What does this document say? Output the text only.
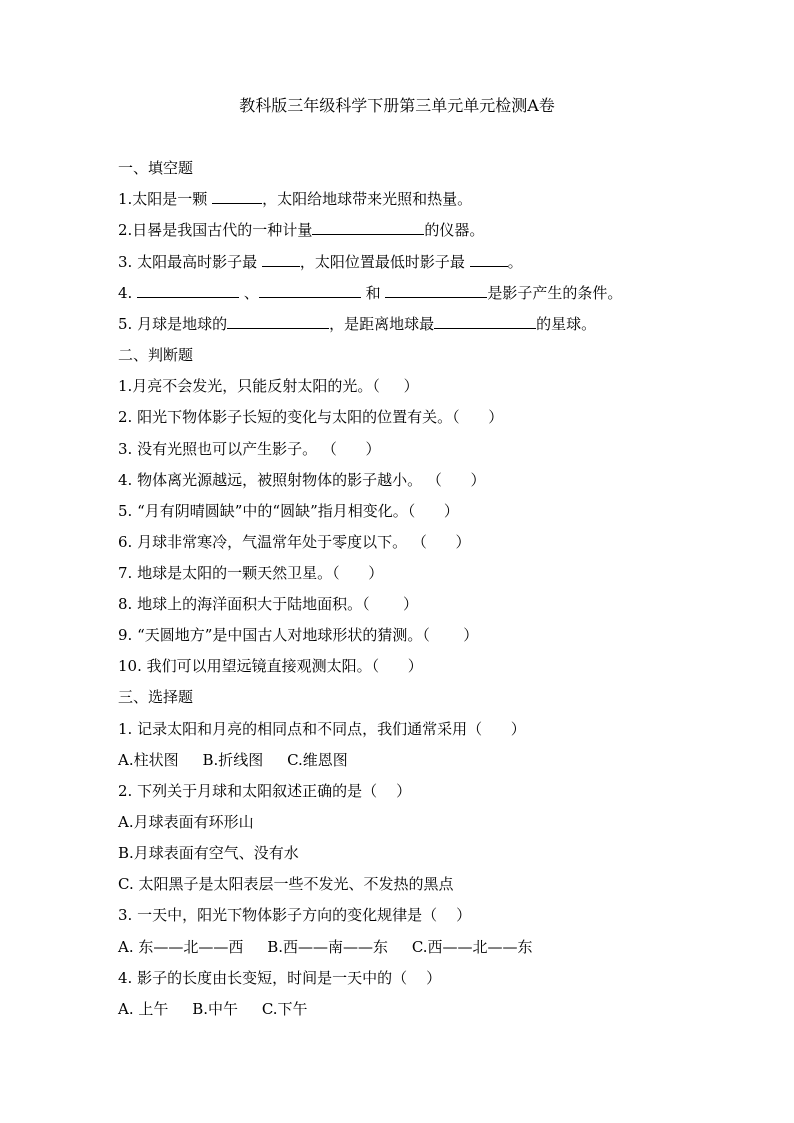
教科版三年级科学下册第三单元单元检测A卷
一、填空题
1.太阳是一颗	，太阳给地球带来光照和热量。
2.日晷是我国古代的一种计量	的仪器。
3. 太阳最高时影子最	，太阳位置最低时影子最	。
4.	、	和	是影子产生的条件。
5. 月球是地球的	，是距离地球最	的星球。
二、判断题
1.月亮不会发光，只能反射太阳的光。（     ）
2. 阳光下物体影子长短的变化与太阳的位置有关。（      ）
3. 没有光照也可以产生影子。 （      ）
4. 物体离光源越远，被照射物体的影子越小。 （      ）
5. “月有阴晴圆缺”中的“圆缺”指月相变化。（      ）
6. 月球非常寒冷，气温常年处于零度以下。 （      ）
7. 地球是太阳的一颗天然卫星。（      ）
8. 地球上的海洋面积大于陆地面积。（       ）
9. “天圆地方”是中国古人对地球形状的猜测。（       ）
10. 我们可以用望远镜直接观测太阳。（      ）
三、选择题
1. 记录太阳和月亮的相同点和不同点，我们通常采用（      ）
A.柱状图     B.折线图     C.维恩图
2. 下列关于月球和太阳叙述正确的是（    ）
A.月球表面有环形山
B.月球表面有空气、没有水
C. 太阳黑子是太阳表层一些不发光、不发热的黑点
3. 一天中，阳光下物体影子方向的变化规律是（    ）
A. 东——北——西     B.西——南——东     C.西——北——东
4. 影子的长度由长变短，时间是一天中的（    ）
A. 上午     B.中午     C.下午
